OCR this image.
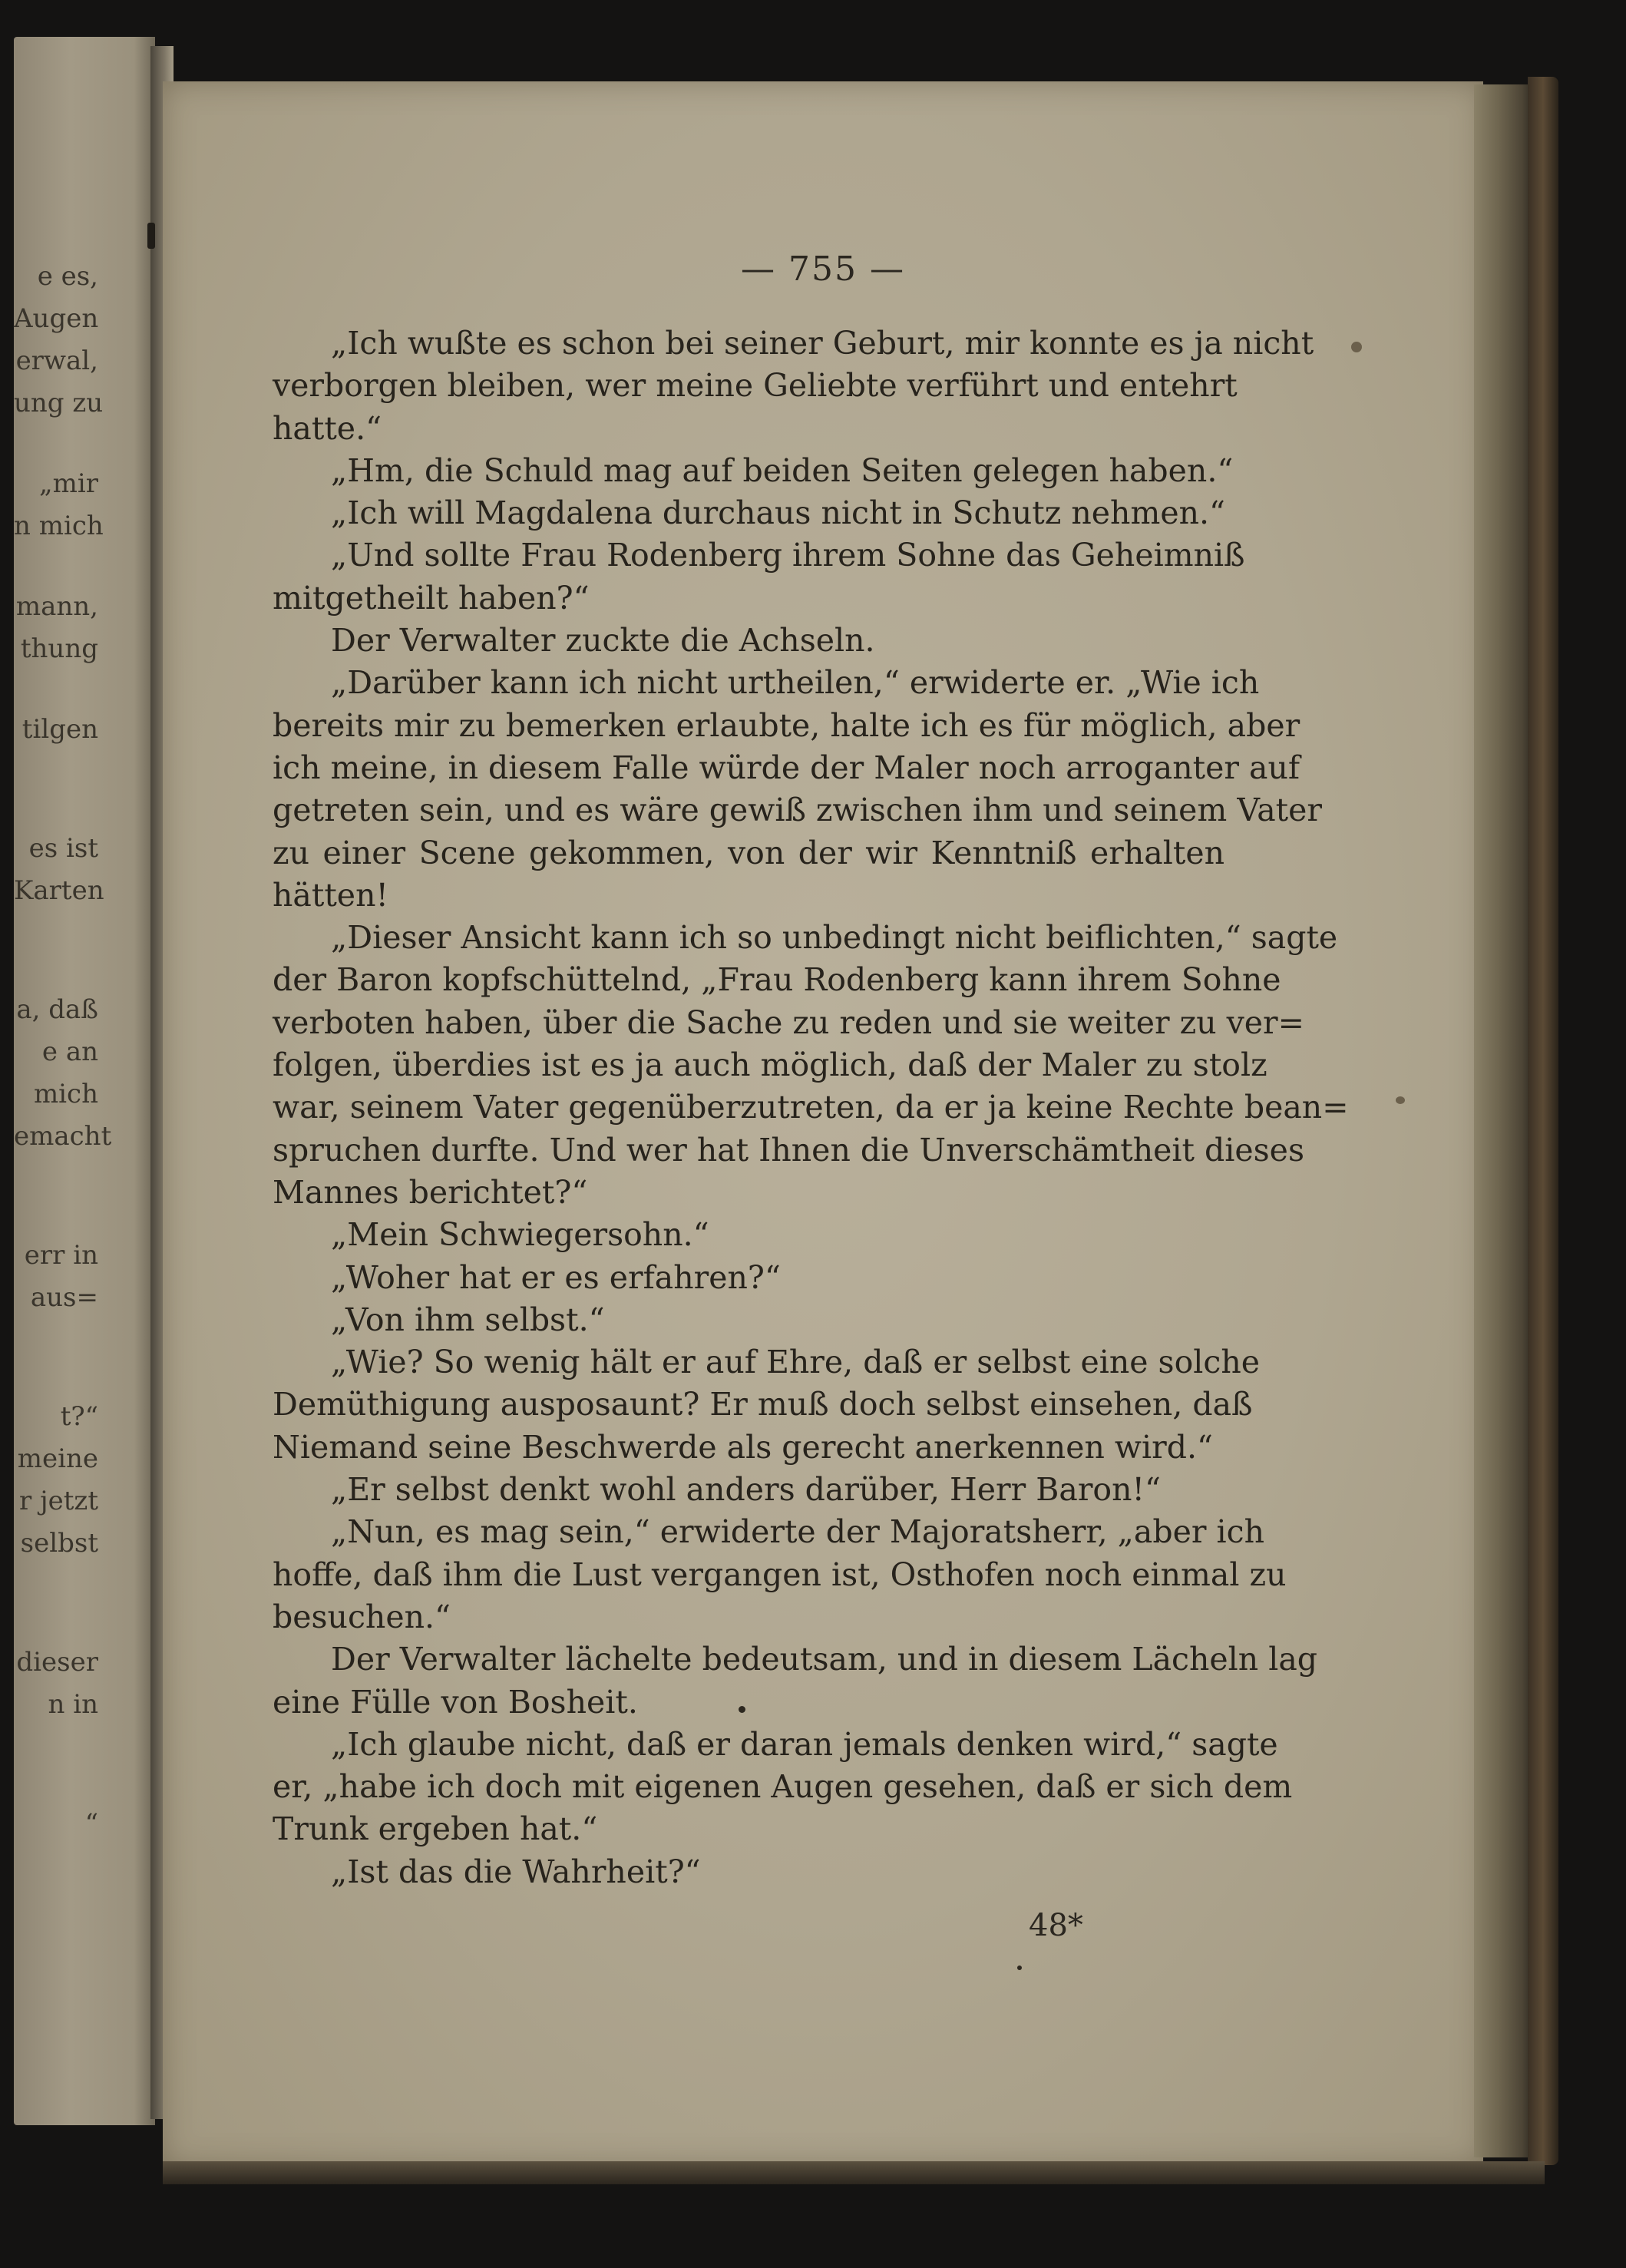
e es,
Augen
erwal,
ung zu
„mir
n mich
mann,
thung
tilgen
es ist
Karten
a, daß
e an
mich
emacht
err in
aus=
t?“
meine
r jetzt
selbst
dieser
n in
“
— 755 —
„Ich wußte es schon bei seiner Geburt, mir konnte es ja nicht
verborgen bleiben, wer meine Geliebte verführt und entehrt
hatte.“
„Hm, die Schuld mag auf beiden Seiten gelegen haben.“
„Ich will Magdalena durchaus nicht in Schutz nehmen.“
„Und sollte Frau Rodenberg ihrem Sohne das Geheimniß
mitgetheilt haben?“
Der Verwalter zuckte die Achseln.
„Darüber kann ich nicht urtheilen,“ erwiderte er. „Wie ich
bereits mir zu bemerken erlaubte, halte ich es für möglich, aber
ich meine, in diesem Falle würde der Maler noch arroganter auf
getreten sein, und es wäre gewiß zwischen ihm und seinem Vater
zu einer Scene gekommen, von der wir Kenntniß erhalten
hätten!
„Dieser Ansicht kann ich so unbedingt nicht beiflichten,“ sagte
der Baron kopfschüttelnd, „Frau Rodenberg kann ihrem Sohne
verboten haben, über die Sache zu reden und sie weiter zu ver=
folgen, überdies ist es ja auch möglich, daß der Maler zu stolz
war, seinem Vater gegenüberzutreten, da er ja keine Rechte bean=
spruchen durfte. Und wer hat Ihnen die Unverschämtheit dieses
Mannes berichtet?“
„Mein Schwiegersohn.“
„Woher hat er es erfahren?“
„Von ihm selbst.“
„Wie? So wenig hält er auf Ehre, daß er selbst eine solche
Demüthigung ausposaunt? Er muß doch selbst einsehen, daß
Niemand seine Beschwerde als gerecht anerkennen wird.“
„Er selbst denkt wohl anders darüber, Herr Baron!“
„Nun, es mag sein,“ erwiderte der Majoratsherr, „aber ich
hoffe, daß ihm die Lust vergangen ist, Osthofen noch einmal zu
besuchen.“
Der Verwalter lächelte bedeutsam, und in diesem Lächeln lag
eine Fülle von Bosheit.
„Ich glaube nicht, daß er daran jemals denken wird,“ sagte
er, „habe ich doch mit eigenen Augen gesehen, daß er sich dem
Trunk ergeben hat.“
„Ist das die Wahrheit?“
48*
